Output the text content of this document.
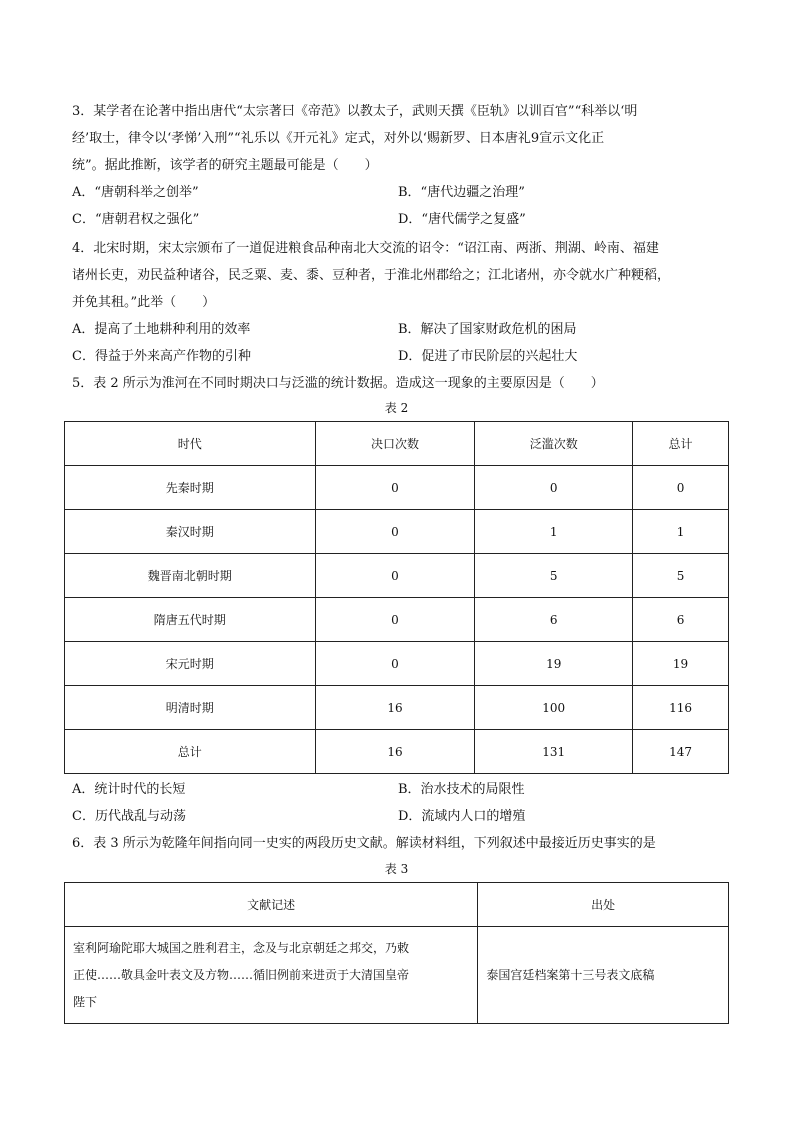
3．某学者在论著中指出唐代“太宗著曰《帝范》以教太子，武则天撰《臣轨》以训百官”“科举以‘明
经’取士，律令以‘孝悌’入刑”“礼乐以《开元礼》定式，对外以‘赐新罗、日本唐礼9宣示文化正
统”。据此推断，该学者的研究主题最可能是（　　）
A．“唐朝科举之创举”	B．“唐代边疆之治理”
C．“唐朝君权之强化”	D．“唐代儒学之复盛”
4．北宋时期，宋太宗颁布了一道促进粮食品种南北大交流的诏令：“诏江南、两浙、荆湖、岭南、福建
诸州长吏，劝民益种诸谷，民乏粟、麦、黍、豆种者，于淮北州郡给之；江北诸州，亦令就水广种粳稻，
并免其租。”此举（　　）
A．提高了土地耕种利用的效率	B．解决了国家财政危机的困局
C．得益于外来高产作物的引种	D．促进了市民阶层的兴起壮大
5．表 2 所示为淮河在不同时期决口与泛滥的统计数据。造成这一现象的主要原因是（　　）
表 2
时代	决口次数	泛滥次数	总计
先秦时期	0	0	0
秦汉时期	0	1	1
魏晋南北朝时期	0	5	5
隋唐五代时期	0	6	6
宋元时期	0	19	19
明清时期	16	100	116
总计	16	131	147
A．统计时代的长短	B．治水技术的局限性
C．历代战乱与动荡	D．流域内人口的增殖
6．表 3 所示为乾隆年间指向同一史实的两段历史文献。解读材料组，下列叙述中最接近历史事实的是
表 3
文献记述	出处

室利阿瑜陀耶大城国之胜利君主，念及与北京朝廷之邦交，乃敕
正使……敬具金叶表文及方物……循旧例前来进贡于大清国皇帝
陛下	泰国宫廷档案第十三号表文底稿
